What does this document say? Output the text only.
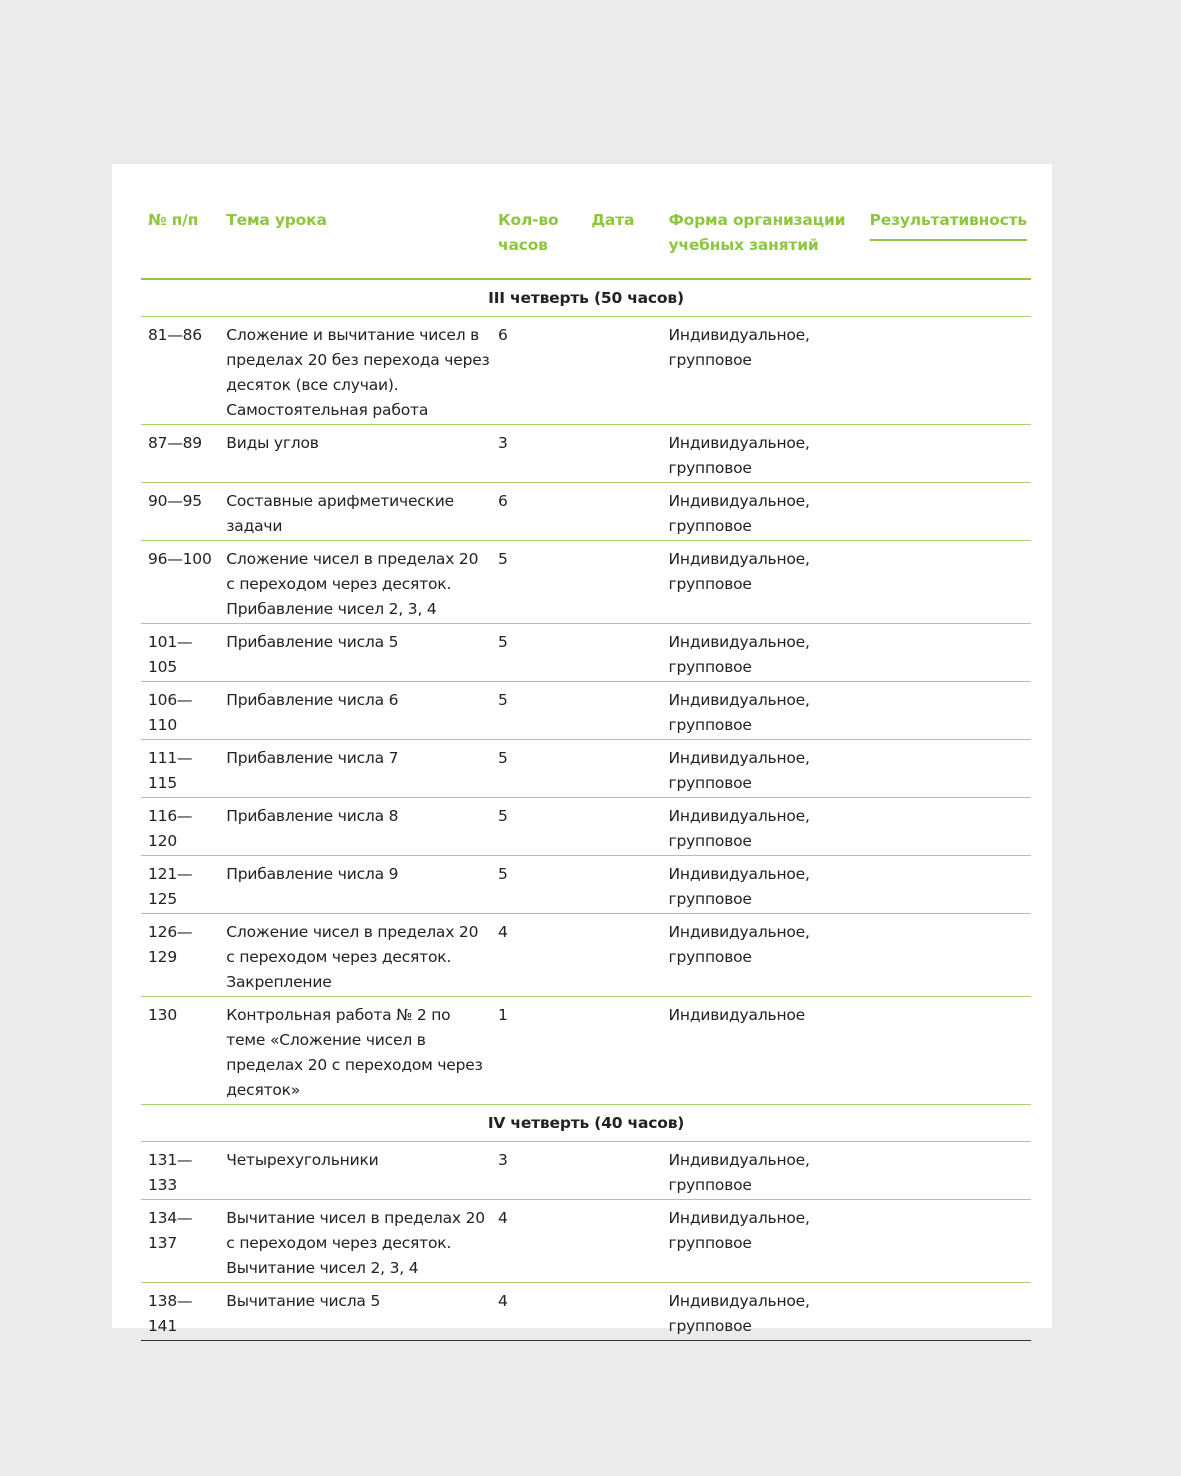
№ п/п	Тема урока	Кол-во часов	Дата	Форма организации учебных занятий	Результативность

III четверть (50 часов)					
81—86	Сложение и вычитание чисел в пределах 20 без перехода через десяток (все случаи). Самостоятельная работа	6		Индивидуальное, групповое	
87—89	Виды углов	3		Индивидуальное, групповое	
90—95	Составные арифметические задачи	6		Индивидуальное, групповое	
96—100	Сложение чисел в пределах 20 с переходом через десяток. Прибавление чисел 2, 3, 4	5		Индивидуальное, групповое	
101—105	Прибавление числа 5	5		Индивидуальное, групповое	
106—110	Прибавление числа 6	5		Индивидуальное, групповое	
111—115	Прибавление числа 7	5		Индивидуальное, групповое	
116—120	Прибавление числа 8	5		Индивидуальное, групповое	
121—125	Прибавление числа 9	5		Индивидуальное, групповое	
126—129	Сложение чисел в пределах 20 с переходом через десяток. Закрепление	4		Индивидуальное, групповое	
130	Контрольная работа № 2 по теме «Сложение чисел в пределах 20 с переходом через десяток»	1		Индивидуальное	
IV четверть (40 часов)					
131—133	Четырехугольники	3		Индивидуальное, групповое	
134—137	Вычитание чисел в пределах 20 с переходом через десяток. Вычитание чисел 2, 3, 4	4		Индивидуальное, групповое	
138—141	Вычитание числа 5	4		Индивидуальное, групповое	
